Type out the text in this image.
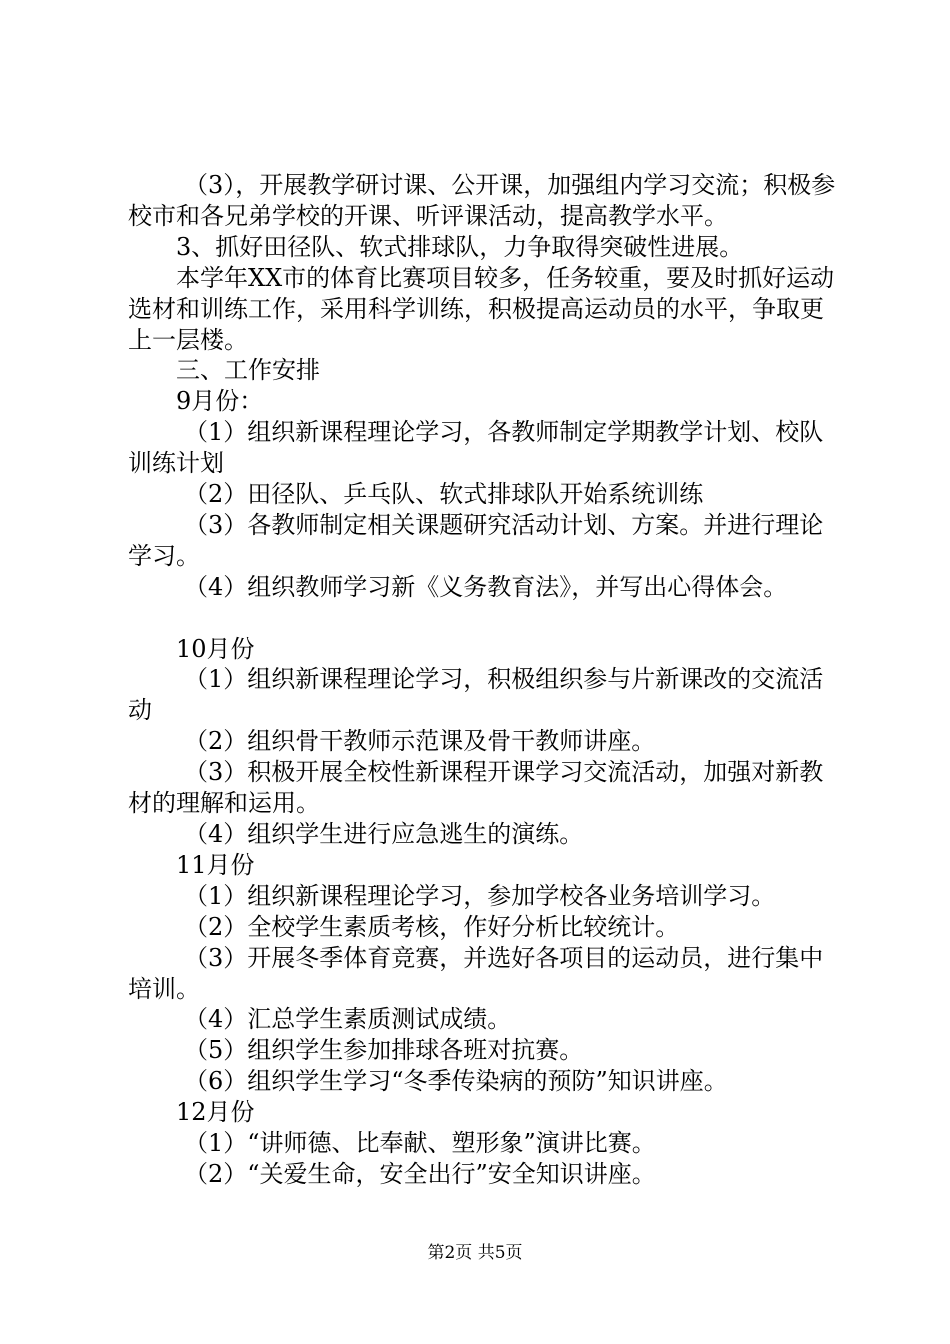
（3），开展教学研讨课、公开课，加强组内学习交流；积极参校市和各兄弟学校的开课、听评课活动，提高教学水平。

3、抓好田径队、软式排球队，力争取得突破性进展。

本学年XX市的体育比赛项目较多，任务较重，要及时抓好运动选材和训练工作，采用科学训练，积极提高运动员的水平，争取更上一层楼。

三、工作安排

9月份：

（1）组织新课程理论学习，各教师制定学期教学计划、校队训练计划

（2）田径队、乒乓队、软式排球队开始系统训练

（3）各教师制定相关课题研究活动计划、方案。并进行理论学习。

（4）组织教师学习新《义务教育法》，并写出心得体会。

10月份

（1）组织新课程理论学习，积极组织参与片新课改的交流活动

（2）组织骨干教师示范课及骨干教师讲座。

（3）积极开展全校性新课程开课学习交流活动，加强对新教材的理解和运用。

（4）组织学生进行应急逃生的演练。

11月份

（1）组织新课程理论学习，参加学校各业务培训学习。

（2）全校学生素质考核，作好分析比较统计。

（3）开展冬季体育竞赛，并选好各项目的运动员，进行集中培训。

（4）汇总学生素质测试成绩。

（5）组织学生参加排球各班对抗赛。

（6）组织学生学习“冬季传染病的预防”知识讲座。

12月份

（1）“讲师德、比奉献、塑形象”演讲比赛。

（2）“关爱生命，安全出行”安全知识讲座。

第2页 共5页
